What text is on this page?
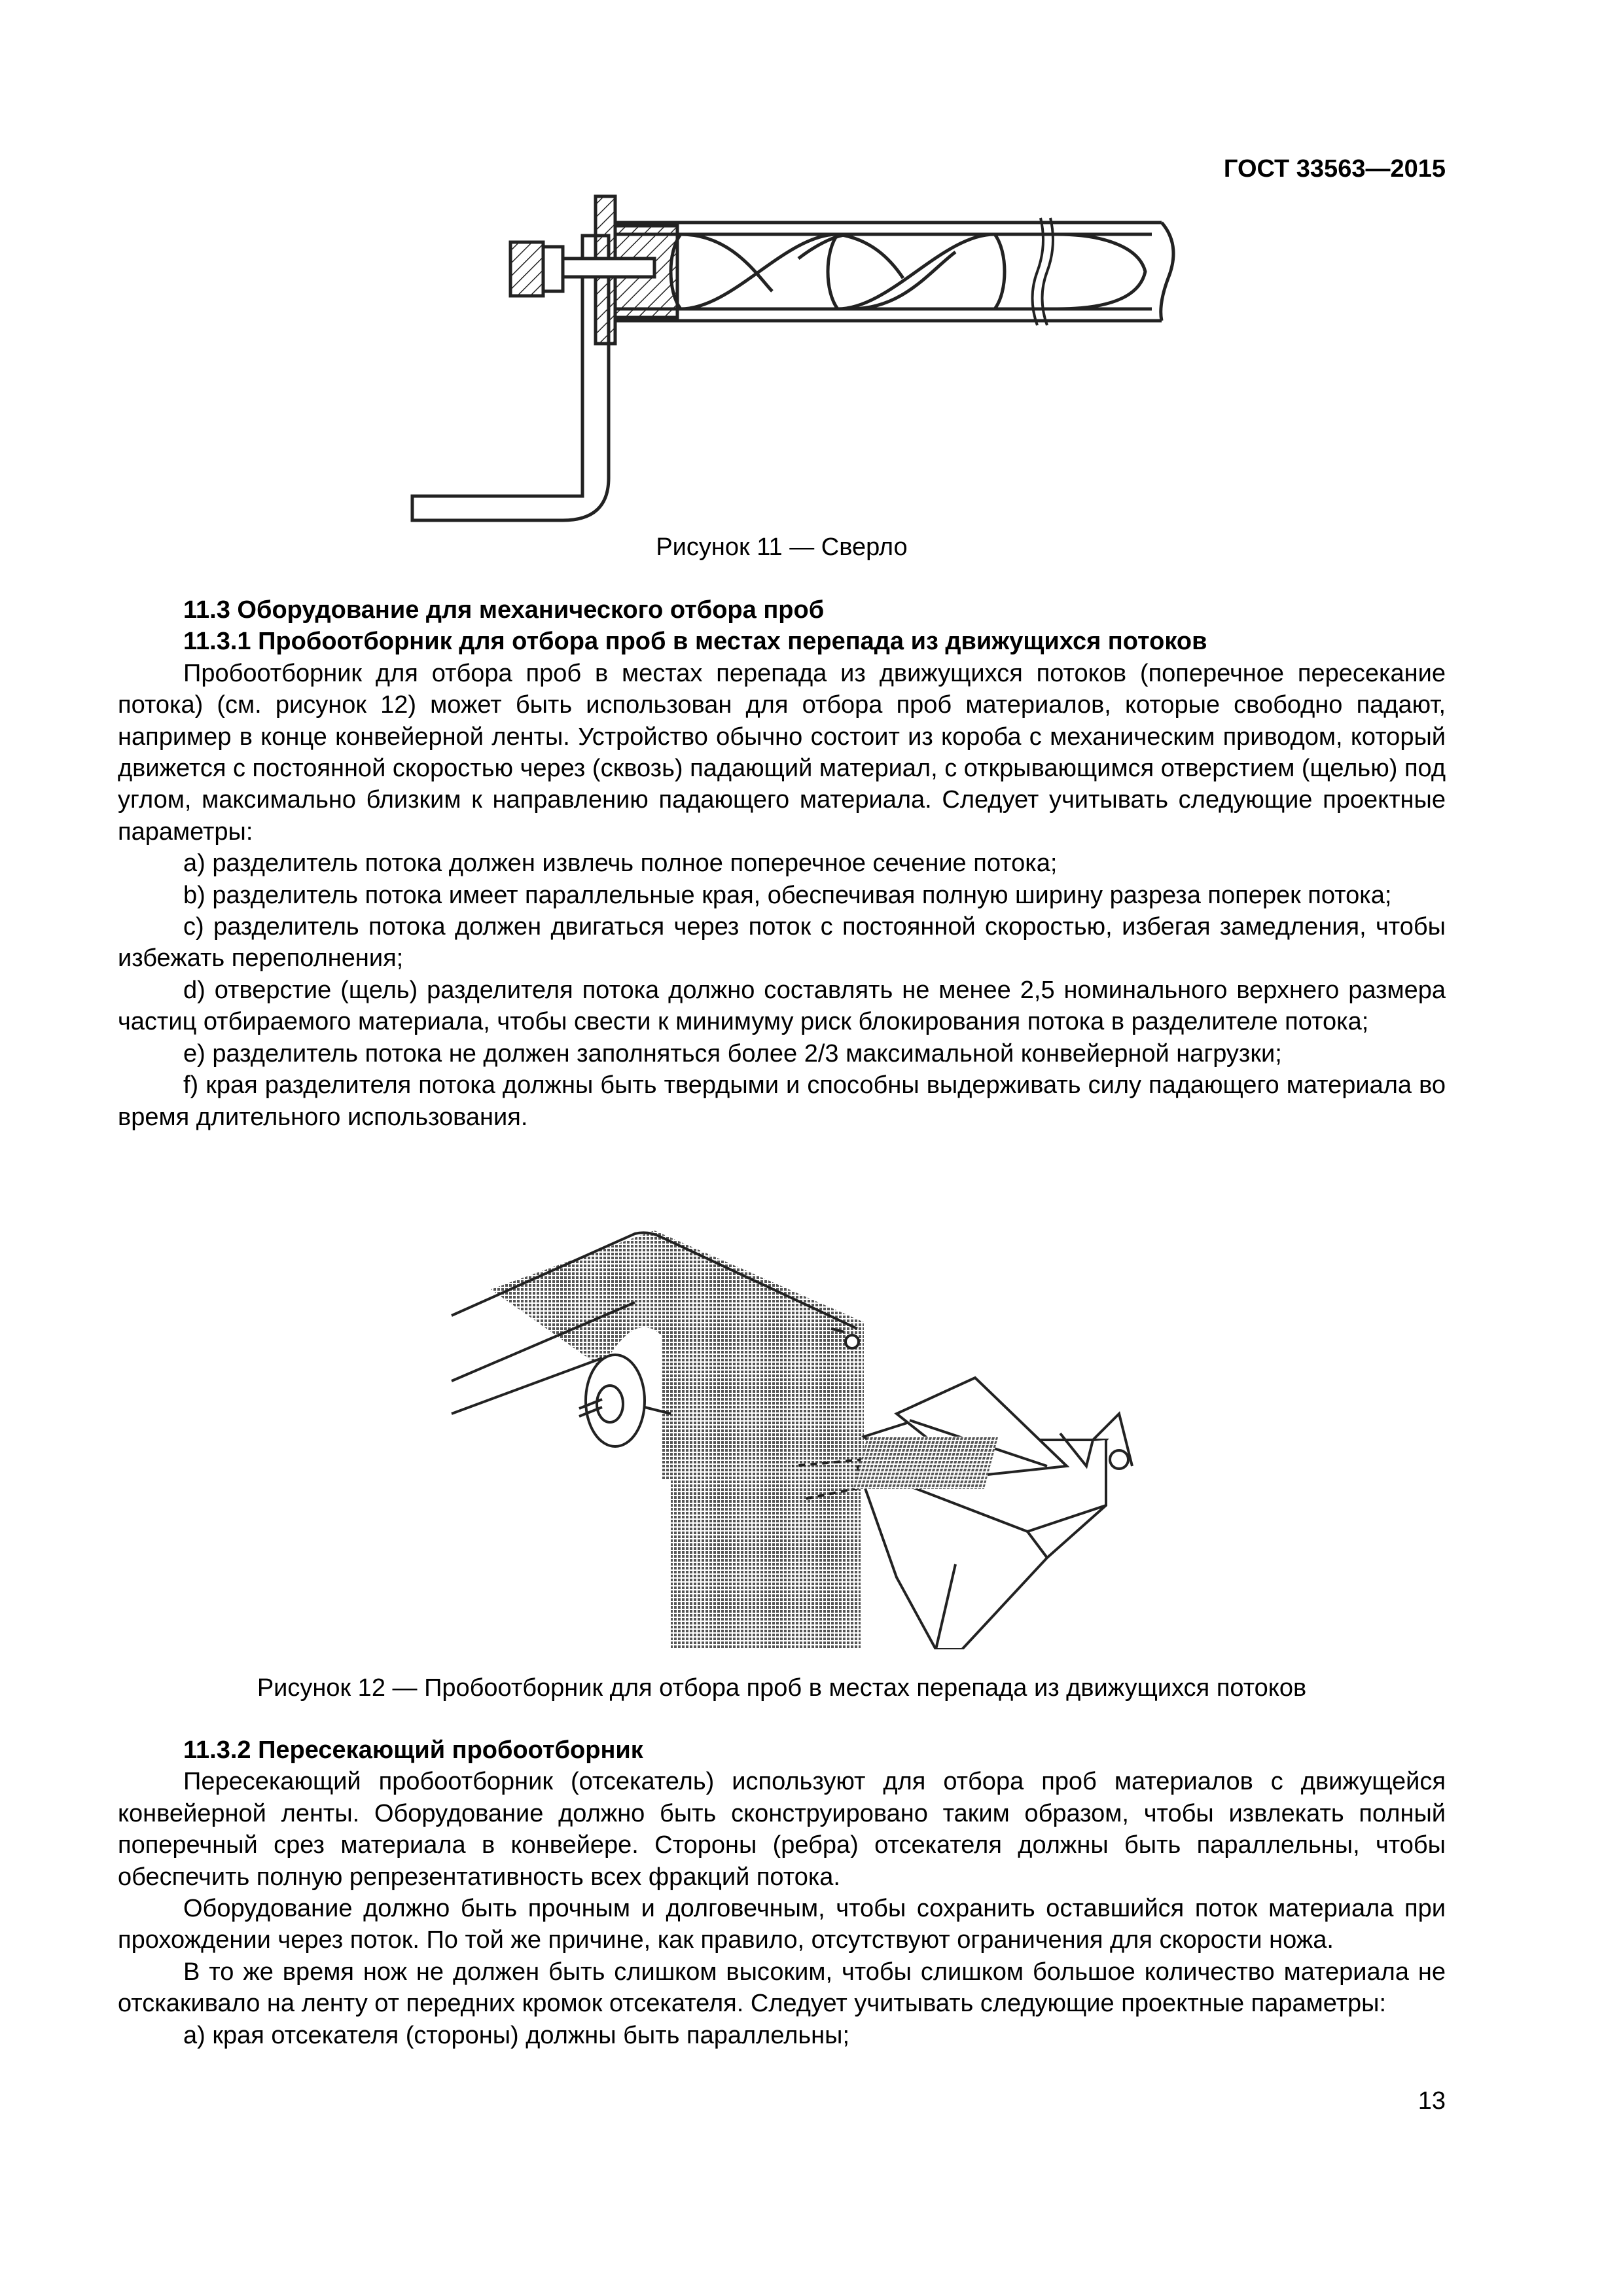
ГОСТ 33563—2015
Рисунок 11 — Сверло

11.3 Оборудование для механического отбора проб

11.3.1 Пробоотборник для отбора проб в местах перепада из движущихся потоков

Пробоотборник для отбора проб в местах перепада из движущихся потоков (поперечное пересекание потока) (см. рисунок 12) может быть использован для отбора проб материалов, которые свободно падают, например в конце конвейерной ленты. Устройство обычно состоит из короба с механическим приводом, который движется с постоянной скоростью через (сквозь) падающий материал, с открывающимся отверстием (щелью) под углом, максимально близким к направлению падающего материала. Следует учитывать следующие проектные параметры:

a) разделитель потока должен извлечь полное поперечное сечение потока;

b) разделитель потока имеет параллельные края, обеспечивая полную ширину разреза поперек потока;

c) разделитель потока должен двигаться через поток с постоянной скоростью, избегая замедления, чтобы избежать переполнения;

d) отверстие (щель) разделителя потока должно составлять не менее 2,5 номинального верхнего размера частиц отбираемого материала, чтобы свести к минимуму риск блокирования потока в разделителе потока;

e) разделитель потока не должен заполняться более 2/3 максимальной конвейерной нагрузки;

f) края разделителя потока должны быть твердыми и способны выдерживать силу падающего материала во время длительного использования.

Рисунок 12 — Пробоотборник для отбора проб в местах перепада из движущихся потоков

11.3.2 Пересекающий пробоотборник

Пересекающий пробоотборник (отсекатель) используют для отбора проб материалов с движущейся конвейерной ленты. Оборудование должно быть сконструировано таким образом, чтобы извлекать полный поперечный срез материала в конвейере. Стороны (ребра) отсекателя должны быть параллельны, чтобы обеспечить полную репрезентативность всех фракций потока.

Оборудование должно быть прочным и долговечным, чтобы сохранить оставшийся поток материала при прохождении через поток. По той же причине, как правило, отсутствуют ограничения для скорости ножа.

В то же время нож не должен быть слишком высоким, чтобы слишком большое количество материала не отскакивало на ленту от передних кромок отсекателя. Следует учитывать следующие проектные параметры:

a) края отсекателя (стороны) должны быть параллельны;

13
